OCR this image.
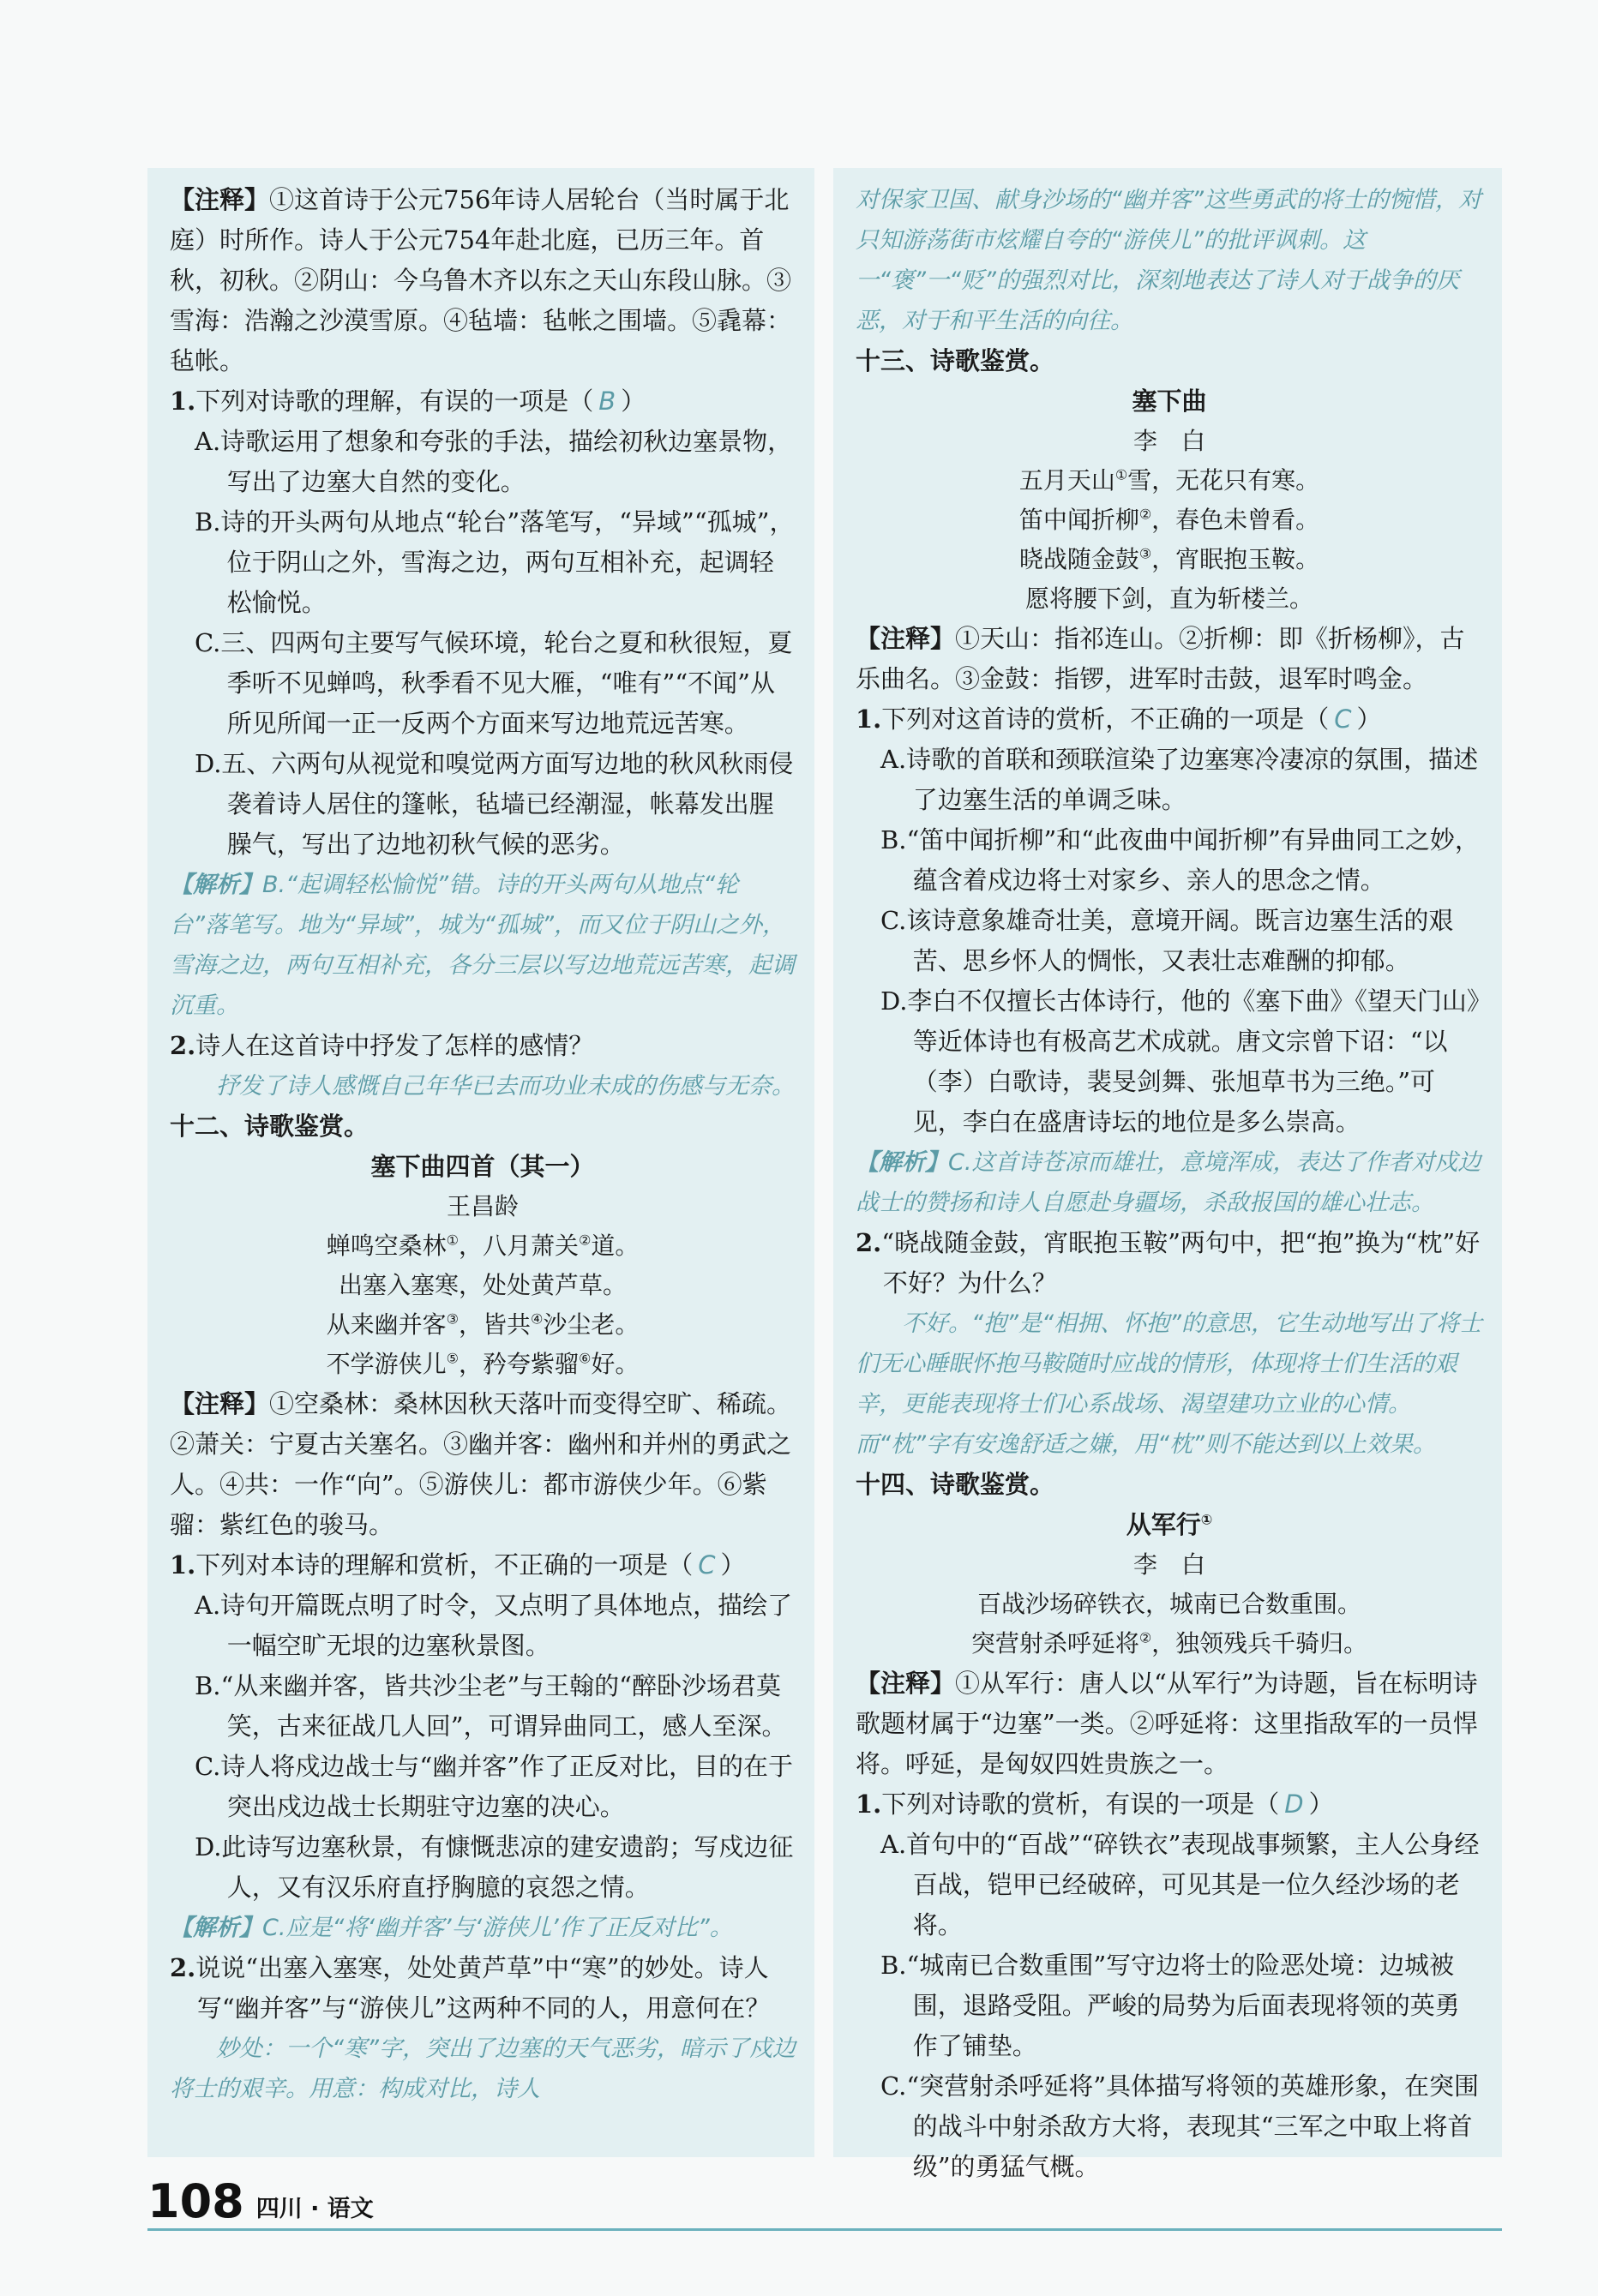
【注释】①这首诗于公元756年诗人居轮台（当时属于北庭）时所作。诗人于公元754年赴北庭，已历三年。首秋，初秋。②阴山：今乌鲁木齐以东之天山东段山脉。③雪海：浩瀚之沙漠雪原。④毡墙：毡帐之围墙。⑤毳幕：毡帐。

1.下列对诗歌的理解，有误的一项是（ B ）
A.诗歌运用了想象和夸张的手法，描绘初秋边塞景物，写出了边塞大自然的变化。
B.诗的开头两句从地点“轮台”落笔写，“异域”“孤城”，位于阴山之外，雪海之边，两句互相补充，起调轻松愉悦。
C.三、四两句主要写气候环境，轮台之夏和秋很短，夏季听不见蝉鸣，秋季看不见大雁，“唯有”“不闻”从所见所闻一正一反两个方面来写边地荒远苦寒。
D.五、六两句从视觉和嗅觉两方面写边地的秋风秋雨侵袭着诗人居住的篷帐，毡墙已经潮湿，帐幕发出腥臊气，写出了边地初秋气候的恶劣。
【解析】B.“起调轻松愉悦”错。诗的开头两句从地点“轮台”落笔写。地为“异域”，城为“孤城”，而又位于阴山之外，雪海之边，两句互相补充，各分三层以写边地荒远苦寒，起调沉重。
2.诗人在这首诗中抒发了怎样的感情？
抒发了诗人感慨自己年华已去而功业未成的伤感与无奈。
十二、诗歌鉴赏。
塞下曲四首（其一）
王昌龄
蝉鸣空桑林①，八月萧关②道。
出塞入塞寒，处处黄芦草。
从来幽并客③，皆共④沙尘老。
不学游侠儿⑤，矜夸紫骝⑥好。

【注释】①空桑林：桑林因秋天落叶而变得空旷、稀疏。②萧关：宁夏古关塞名。③幽并客：幽州和并州的勇武之人。④共：一作“向”。⑤游侠儿：都市游侠少年。⑥紫骝：紫红色的骏马。

1.下列对本诗的理解和赏析，不正确的一项是（ C ）
A.诗句开篇既点明了时令，又点明了具体地点，描绘了一幅空旷无垠的边塞秋景图。
B.“从来幽并客，皆共沙尘老”与王翰的“醉卧沙场君莫笑，古来征战几人回”，可谓异曲同工，感人至深。
C.诗人将戍边战士与“幽并客”作了正反对比，目的在于突出戍边战士长期驻守边塞的决心。
D.此诗写边塞秋景，有慷慨悲凉的建安遗韵；写戍边征人，又有汉乐府直抒胸臆的哀怨之情。
【解析】C.应是“将‘幽并客’与‘游侠儿’作了正反对比”。
2.说说“出塞入塞寒，处处黄芦草”中“寒”的妙处。诗人写“幽并客”与“游侠儿”这两种不同的人，用意何在？
妙处：一个“寒”字，突出了边塞的天气恶劣，暗示了戍边将士的艰辛。用意：构成对比，诗人
对保家卫国、献身沙场的“幽并客”这些勇武的将士的惋惜，对只知游荡街市炫耀自夸的“游侠儿”的批评讽刺。这一“褒”一“贬”的强烈对比，深刻地表达了诗人对于战争的厌恶，对于和平生活的向往。
十三、诗歌鉴赏。
塞下曲
李　白
五月天山①雪，无花只有寒。
笛中闻折柳②，春色未曾看。
晓战随金鼓③，宵眠抱玉鞍。
愿将腰下剑，直为斩楼兰。

【注释】①天山：指祁连山。②折柳：即《折杨柳》，古乐曲名。③金鼓：指锣，进军时击鼓，退军时鸣金。

1.下列对这首诗的赏析，不正确的一项是（ C ）
A.诗歌的首联和颈联渲染了边塞寒冷凄凉的氛围，描述了边塞生活的单调乏味。
B.“笛中闻折柳”和“此夜曲中闻折柳”有异曲同工之妙，蕴含着戍边将士对家乡、亲人的思念之情。
C.该诗意象雄奇壮美，意境开阔。既言边塞生活的艰苦、思乡怀人的惆怅，又表壮志难酬的抑郁。
D.李白不仅擅长古体诗行，他的《塞下曲》《望天门山》等近体诗也有极高艺术成就。唐文宗曾下诏：“以（李）白歌诗，裴旻剑舞、张旭草书为三绝。”可见，李白在盛唐诗坛的地位是多么崇高。
【解析】C.这首诗苍凉而雄壮，意境浑成，表达了作者对戍边战士的赞扬和诗人自愿赴身疆场，杀敌报国的雄心壮志。
2.“晓战随金鼓，宵眠抱玉鞍”两句中，把“抱”换为“枕”好不好？为什么？
不好。“抱”是“相拥、怀抱”的意思，它生动地写出了将士们无心睡眠怀抱马鞍随时应战的情形，体现将士们生活的艰辛，更能表现将士们心系战场、渴望建功立业的心情。而“枕”字有安逸舒适之嫌，用“枕”则不能达到以上效果。
十四、诗歌鉴赏。
从军行①
李　白
百战沙场碎铁衣，城南已合数重围。
突营射杀呼延将②，独领残兵千骑归。

【注释】①从军行：唐人以“从军行”为诗题，旨在标明诗歌题材属于“边塞”一类。②呼延将：这里指敌军的一员悍将。呼延，是匈奴四姓贵族之一。

1.下列对诗歌的赏析，有误的一项是（ D ）
A.首句中的“百战”“碎铁衣”表现战事频繁，主人公身经百战，铠甲已经破碎，可见其是一位久经沙场的老将。
B.“城南已合数重围”写守边将士的险恶处境：边城被围，退路受阻。严峻的局势为后面表现将领的英勇作了铺垫。
C.“突营射杀呼延将”具体描写将领的英雄形象，在突围的战斗中射杀敌方大将，表现其“三军之中取上将首级”的勇猛气概。
108 四川 · 语文
